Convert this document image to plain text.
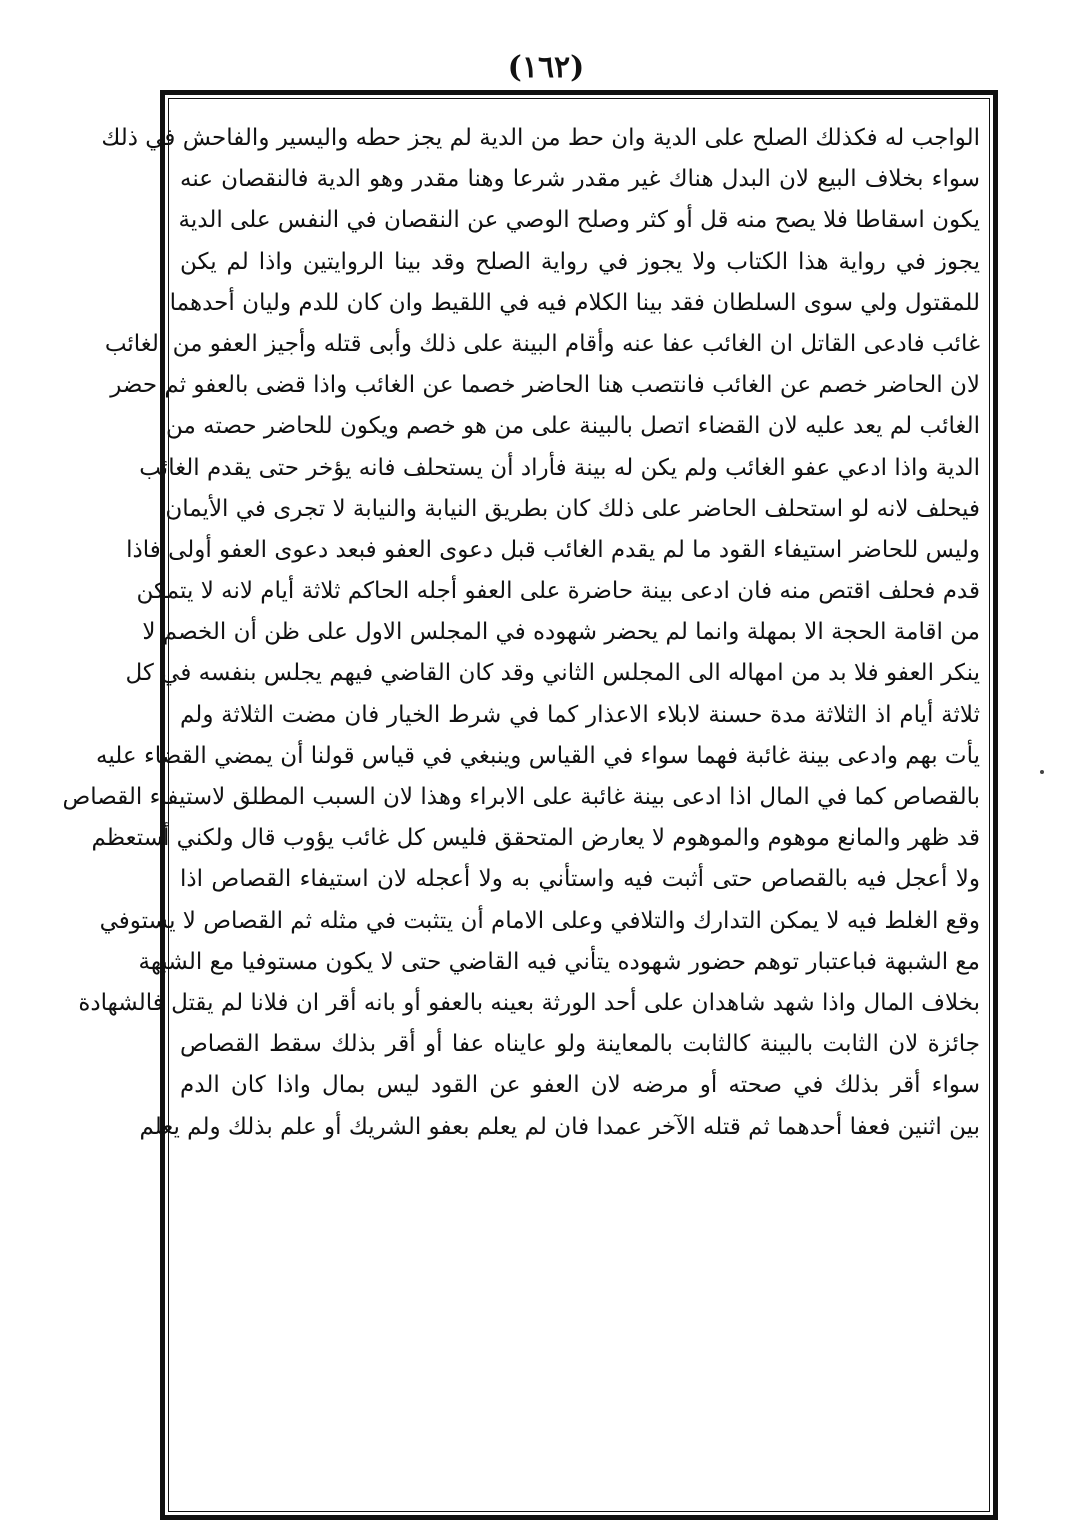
(١٦٢)
الواجب له فكذلك الصلح على الدية وان حط من الدية لم يجز حطه واليسير والفاحش في ذلك
سواء بخلاف البيع لان البدل هناك غير مقدر شرعا وهنا مقدر وهو الدية فالنقصان عنه
يكون اسقاطا فلا يصح منه قل أو كثر وصلح الوصي عن النقصان في النفس على الدية
يجوز في رواية هذا الكتاب ولا يجوز في رواية الصلح وقد بينا الروايتين واذا لم يكن
للمقتول ولي سوى السلطان فقد بينا الكلام فيه في اللقيط وان كان للدم وليان أحدهما
غائب فادعى القاتل ان الغائب عفا عنه وأقام البينة على ذلك وأبى قتله وأجيز العفو من الغائب
لان الحاضر خصم عن الغائب فانتصب هنا الحاضر خصما عن الغائب واذا قضى بالعفو ثم حضر
الغائب لم يعد عليه لان القضاء اتصل بالبينة على من هو خصم ويكون للحاضر حصته من
الدية واذا ادعي عفو الغائب ولم يكن له بينة فأراد أن يستحلف فانه يؤخر حتى يقدم الغائب
فيحلف لانه لو استحلف الحاضر على ذلك كان بطريق النيابة والنيابة لا تجرى في الأيمان
وليس للحاضر استيفاء القود ما لم يقدم الغائب قبل دعوى العفو فبعد دعوى العفو أولى فاذا
قدم فحلف اقتص منه فان ادعى بينة حاضرة على العفو أجله الحاكم ثلاثة أيام لانه لا يتمكن
من اقامة الحجة الا بمهلة وانما لم يحضر شهوده في المجلس الاول على ظن أن الخصم لا
ينكر العفو فلا بد من امهاله الى المجلس الثاني وقد كان القاضي فيهم يجلس بنفسه في كل
ثلاثة أيام اذ الثلاثة مدة حسنة لابلاء الاعذار كما في شرط الخيار فان مضت الثلاثة ولم
يأت بهم وادعى بينة غائبة فهما سواء في القياس وينبغي في قياس قولنا أن يمضي القضاء عليه
بالقصاص كما في المال اذا ادعى بينة غائبة على الابراء وهذا لان السبب المطلق لاستيفاء القصاص
قد ظهر والمانع موهوم والموهوم لا يعارض المتحقق فليس كل غائب يؤوب قال ولكني أستعظم
ولا أعجل فيه بالقصاص حتى أثبت فيه واستأني به ولا أعجله لان استيفاء القصاص اذا
وقع الغلط فيه لا يمكن التدارك والتلافي وعلى الامام أن يتثبت في مثله ثم القصاص لا يستوفي
مع الشبهة فباعتبار توهم حضور شهوده يتأني فيه القاضي حتى لا يكون مستوفيا مع الشبهة
بخلاف المال واذا شهد شاهدان على أحد الورثة بعينه بالعفو أو بانه أقر ان فلانا لم يقتل فالشهادة
جائزة لان الثابت بالبينة كالثابت بالمعاينة ولو عايناه عفا أو أقر بذلك سقط القصاص
سواء أقر بذلك في صحته أو مرضه لان العفو عن القود ليس بمال واذا كان الدم
بين اثنين فعفا أحدهما ثم قتله الآخر عمدا فان لم يعلم بعفو الشريك أو علم بذلك ولم يعلم
